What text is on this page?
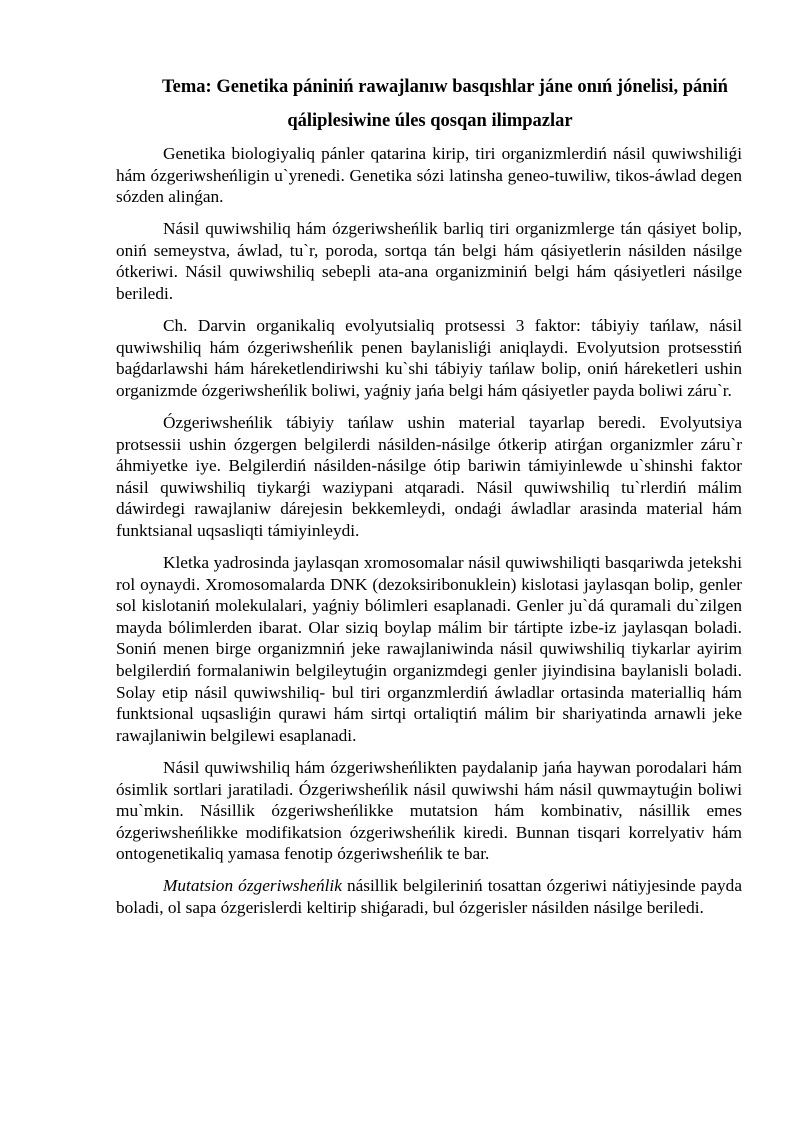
Tema: Genetika pániniń rawajlanıw basqıshlar jáne onıń jónelisi, pániń
qáliplesiwine úles qosqan ilimpazlar

Genetika biologiyaliq pánler qatarina kirip, tiri organizmlerdiń násil quwiwshiliǵi hám ózgeriwsheńligin u`yrenedi. Genetika sózi latinsha geneo-tuwiliw, tikos-áwlad degen sózden alinǵan.

Násil quwiwshiliq hám ózgeriwsheńlik barliq tiri organizmlerge tán qásiyet bolip, oniń semeystva, áwlad, tu`r, poroda, sortqa tán belgi hám qásiyetlerin násilden násilge ótkeriwi. Násil quwiwshiliq sebepli ata-ana organizminiń belgi hám qásiyetleri násilge beriledi.

Ch. Darvin organikaliq evolyutsialiq protsessi 3 faktor: tábiyiy tańlaw, násil quwiwshiliq hám ózgeriwsheńlik penen baylanisliǵi aniqlaydi. Evolyutsion protsesstiń baǵdarlawshi hám háreketlendiriwshi ku`shi tábiyiy tańlaw bolip, oniń háreketleri ushin organizmde ózgeriwsheńlik boliwi, yaǵniy jańa belgi hám qásiyetler payda boliwi záru`r.

Ózgeriwsheńlik tábiyiy tańlaw ushin material tayarlap beredi. Evolyutsiya protsessii ushin ózgergen belgilerdi násilden-násilge ótkerip atirǵan organizmler záru`r áhmiyetke iye. Belgilerdiń násilden-násilge ótip bariwin támiyinlewde u`shinshi faktor násil quwiwshiliq tiykarǵi waziypani atqaradi. Násil quwiwshiliq tu`rlerdiń málim dáwirdegi rawajlaniw dárejesin bekkemleydi, ondaǵi áwladlar arasinda material hám funktsianal uqsasliqti támiyinleydi.

Kletka yadrosinda jaylasqan xromosomalar násil quwiwshiliqti basqariwda jetekshi rol oynaydi. Xromosomalarda DNK (dezoksiribonuklein) kislotasi jaylasqan bolip, genler sol kislotaniń molekulalari, yaǵniy bólimleri esaplanadi. Genler ju`dá quramali du`zilgen mayda bólimlerden ibarat. Olar siziq boylap málim bir tártipte izbe-iz jaylasqan boladi. Soniń menen birge organizmniń jeke rawajlaniwinda násil quwiwshiliq tiykarlar ayirim belgilerdiń formalaniwin belgileytuǵin organizmdegi genler jiyindisina baylanisli boladi. Solay etip násil quwiwshiliq- bul tiri organzmlerdiń áwladlar ortasinda materialliq hám funktsional uqsasliǵin qurawi hám sirtqi ortaliqtiń málim bir shariyatinda arnawli jeke rawajlaniwin belgilewi esaplanadi.

Násil quwiwshiliq hám ózgeriwsheńlikten paydalanip jańa haywan porodalari hám ósimlik sortlari jaratiladi. Ózgeriwsheńlik násil quwiwshi hám násil quwmaytuǵin boliwi mu`mkin. Násillik ózgeriwsheńlikke mutatsion hám kombinativ, násillik emes ózgeriwsheńlikke modifikatsion ózgeriwsheńlik kiredi. Bunnan tisqari korrelyativ hám ontogenetikaliq yamasa fenotip ózgeriwsheńlik te bar.

Mutatsion ózgeriwsheńlik násillik belgileriniń tosattan ózgeriwi nátiyjesinde payda boladi, ol sapa ózgerislerdi keltirip shiǵaradi, bul ózgerisler násilden násilge beriledi.
